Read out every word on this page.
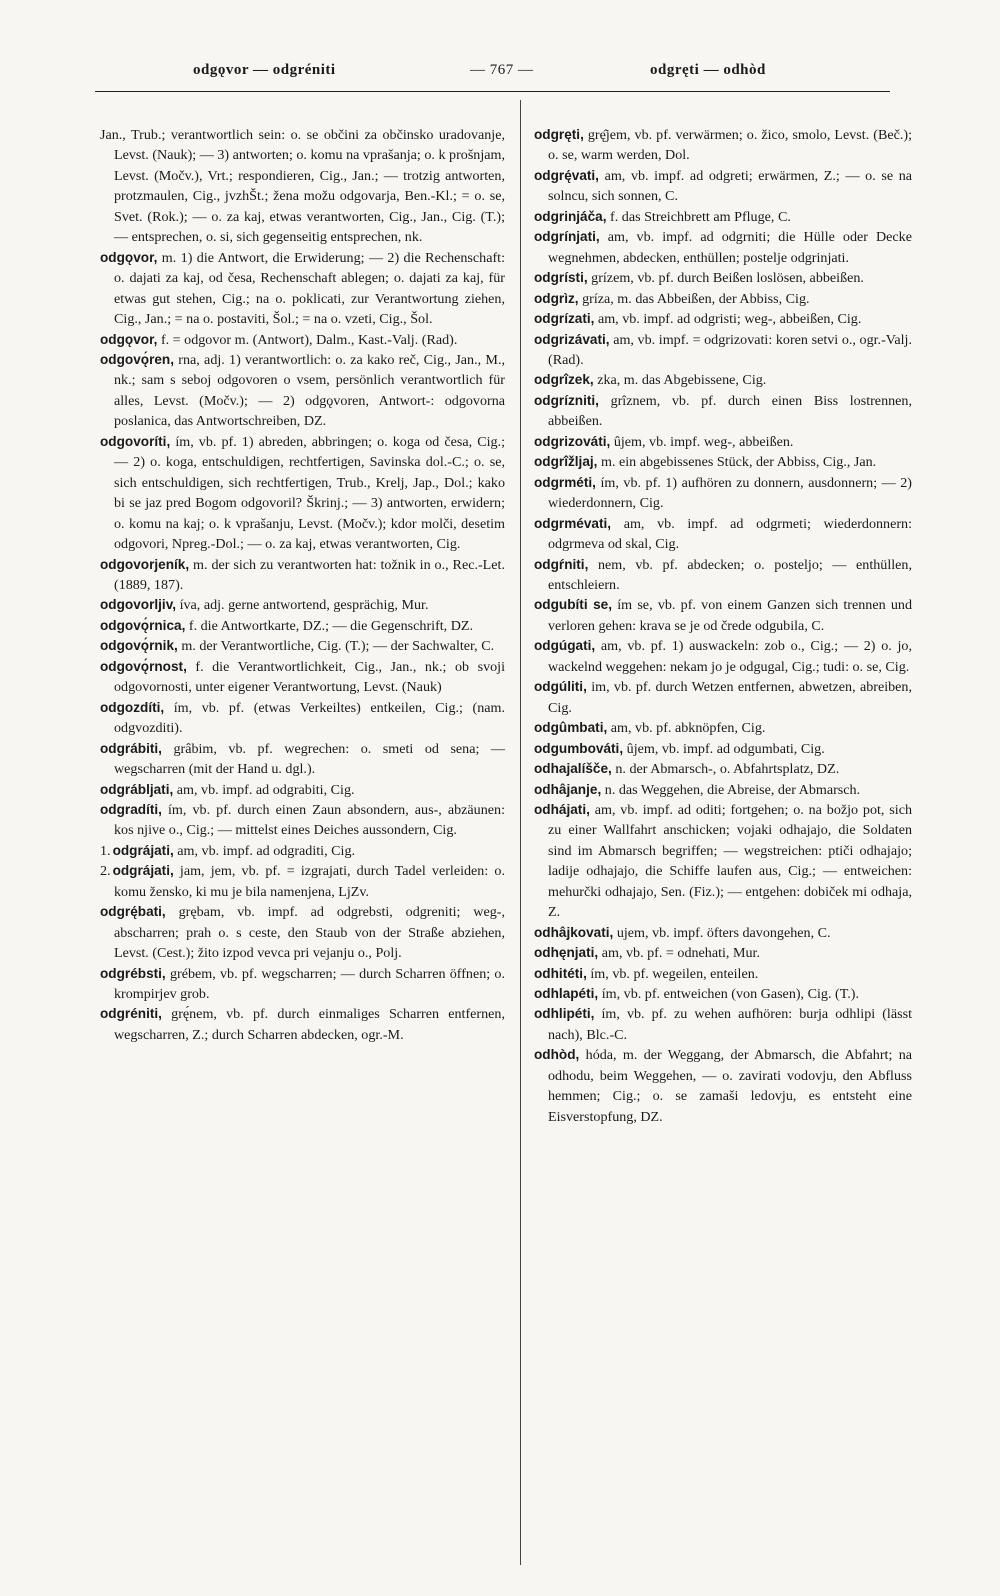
odgǫvor — odgréniti	— 767 —	odgręti — odhòd

Jan., Trub.; verantwortlich sein: o. se občini za občinsko uradovanje, Levst. (Nauk); — 3) antworten; o. komu na vprašanja; o. k prošnjam, Levst. (Močv.), Vrt.; respondieren, Cig., Jan.; — trotzig antworten, protzmaulen, Cig., jvzhŠt.; žena možu odgovarja, Ben.-Kl.; = o. se, Svet. (Rok.); — o. za kaj, etwas verantworten, Cig., Jan., Cig. (T.); — entsprechen, o. si, sich gegenseitig entsprechen, nk.

odgǫvor, m. 1) die Antwort, die Erwiderung; — 2) die Rechenschaft: o. dajati za kaj, od česa, Rechenschaft ablegen; o. dajati za kaj, für etwas gut stehen, Cig.; na o. poklicati, zur Verantwortung ziehen, Cig., Jan.; = na o. postaviti, Šol.; = na o. vzeti, Cig., Šol.

odgǫvor, f. = odgovor m. (Antwort), Dalm., Kast.-Valj. (Rad).

odgovǫ́ren, rna, adj. 1) verantwortlich: o. za kako reč, Cig., Jan., M., nk.; sam s seboj odgovoren o vsem, persönlich verantwortlich für alles, Levst. (Močv.); — 2) odgǫvoren, Antwort-: odgovorna poslanica, das Antwortschreiben, DZ.

odgovoríti, ím, vb. pf. 1) abreden, abbringen; o. koga od česa, Cig.; — 2) o. koga, entschuldigen, rechtfertigen, Savinska dol.-C.; o. se, sich entschuldigen, sich rechtfertigen, Trub., Krelj, Jap., Dol.; kako bi se jaz pred Bogom odgovoril? Škrinj.; — 3) antworten, erwidern; o. komu na kaj; o. k vprašanju, Levst. (Močv.); kdor molči, desetim odgovori, Npreg.-Dol.; — o. za kaj, etwas verantworten, Cig.

odgovorjeník, m. der sich zu verantworten hat: tožnik in o., Rec.-Let. (1889, 187).

odgovorljiv, íva, adj. gerne antwortend, gesprächig, Mur.

odgovǫ́rnica, f. die Antwortkarte, DZ.; — die Gegenschrift, DZ.

odgovǫ́rnik, m. der Verantwortliche, Cig. (T.); — der Sachwalter, C.

odgovǫ́rnost, f. die Verantwortlichkeit, Cig., Jan., nk.; ob svoji odgovornosti, unter eigener Verantwortung, Levst. (Nauk)

odgozdíti, ím, vb. pf. (etwas Verkeiltes) entkeilen, Cig.; (nam. odgvozditi).

odgrábiti, grâbim, vb. pf. wegrechen: o. smeti od sena; — wegscharren (mit der Hand u. dgl.).

odgrábljati, am, vb. impf. ad odgrabiti, Cig.

odgradíti, ím, vb. pf. durch einen Zaun absondern, aus-, abzäunen: kos njive o., Cig.; — mittelst eines Deiches aussondern, Cig.

1. odgrájati, am, vb. impf. ad odgraditi, Cig.

2. odgrájati, jam, jem, vb. pf. = izgrajati, durch Tadel verleiden: o. komu žensko, ki mu je bila namenjena, LjZv.

odgrę́bati, grębam, vb. impf. ad odgrebsti, odgreniti; weg-, abscharren; prah o. s ceste, den Staub von der Straße abziehen, Levst. (Cest.); žito izpod vevca pri vejanju o., Polj.

odgrébsti, grébem, vb. pf. wegscharren; — durch Scharren öffnen; o. krompirjev grob.

odgréniti, grę́nem, vb. pf. durch einmaliges Scharren entfernen, wegscharren, Z.; durch Scharren abdecken, ogr.-M.

odgręti, grę̂jem, vb. pf. verwärmen; o. žico, smolo, Levst. (Beč.); o. se, warm werden, Dol.

odgrę́vati, am, vb. impf. ad odgreti; erwärmen, Z.; — o. se na solncu, sich sonnen, C.

odgrinjáča, f. das Streichbrett am Pfluge, C.

odgrínjati, am, vb. impf. ad odgrniti; die Hülle oder Decke wegnehmen, abdecken, enthüllen; postelje odgrinjati.

odgrísti, grízem, vb. pf. durch Beißen loslösen, abbeißen.

odgrìz, gríza, m. das Abbeißen, der Abbiss, Cig.

odgrízati, am, vb. impf. ad odgristi; weg-, abbeißen, Cig.

odgrizávati, am, vb. impf. = odgrizovati: koren setvi o., ogr.-Valj. (Rad).

odgrîzek, zka, m. das Abgebissene, Cig.

odgrízniti, grîznem, vb. pf. durch einen Biss lostrennen, abbeißen.

odgrizováti, ûjem, vb. impf. weg-, abbeißen.

odgrîžljaj, m. ein abgebissenes Stück, der Abbiss, Cig., Jan.

odgrméti, ím, vb. pf. 1) aufhören zu donnern, ausdonnern; — 2) wiederdonnern, Cig.

odgrmévati, am, vb. impf. ad odgrmeti; wiederdonnern: odgrmeva od skal, Cig.

odgŕniti, nem, vb. pf. abdecken; o. posteljo; — enthüllen, entschleiern.

odgubíti se, ím se, vb. pf. von einem Ganzen sich trennen und verloren gehen: krava se je od črede odgubila, C.

odgúgati, am, vb. pf. 1) auswackeln: zob o., Cig.; — 2) o. jo, wackelnd weggehen: nekam jo je odgugal, Cig.; tudi: o. se, Cig.

odgúliti, im, vb. pf. durch Wetzen entfernen, abwetzen, abreiben, Cig.

odgûmbati, am, vb. pf. abknöpfen, Cig.

odgumbováti, ûjem, vb. impf. ad odgumbati, Cig.

odhajalíšče, n. der Abmarsch-, o. Abfahrtsplatz, DZ.

odhâjanje, n. das Weggehen, die Abreise, der Abmarsch.

odhájati, am, vb. impf. ad oditi; fortgehen; o. na božjo pot, sich zu einer Wallfahrt anschicken; vojaki odhajajo, die Soldaten sind im Abmarsch begriffen; — wegstreichen: ptiči odhajajo; ladije odhajajo, die Schiffe laufen aus, Cig.; — entweichen: mehurčki odhajajo, Sen. (Fiz.); — entgehen: dobiček mi odhaja, Z.

odhâjkovati, ujem, vb. impf. öfters davongehen, C.

odhęnjati, am, vb. pf. = odnehati, Mur.

odhitéti, ím, vb. pf. wegeilen, enteilen.

odhlapéti, ím, vb. pf. entweichen (von Gasen), Cig. (T.).

odhlipéti, ím, vb. pf. zu wehen aufhören: burja odhlipi (lässt nach), Blc.-C.

odhòd, hóda, m. der Weggang, der Abmarsch, die Abfahrt; na odhodu, beim Weggehen, — o. zavirati vodovju, den Abfluss hemmen; Cig.; o. se zamaši ledovju, es entsteht eine Eisverstopfung, DZ.
